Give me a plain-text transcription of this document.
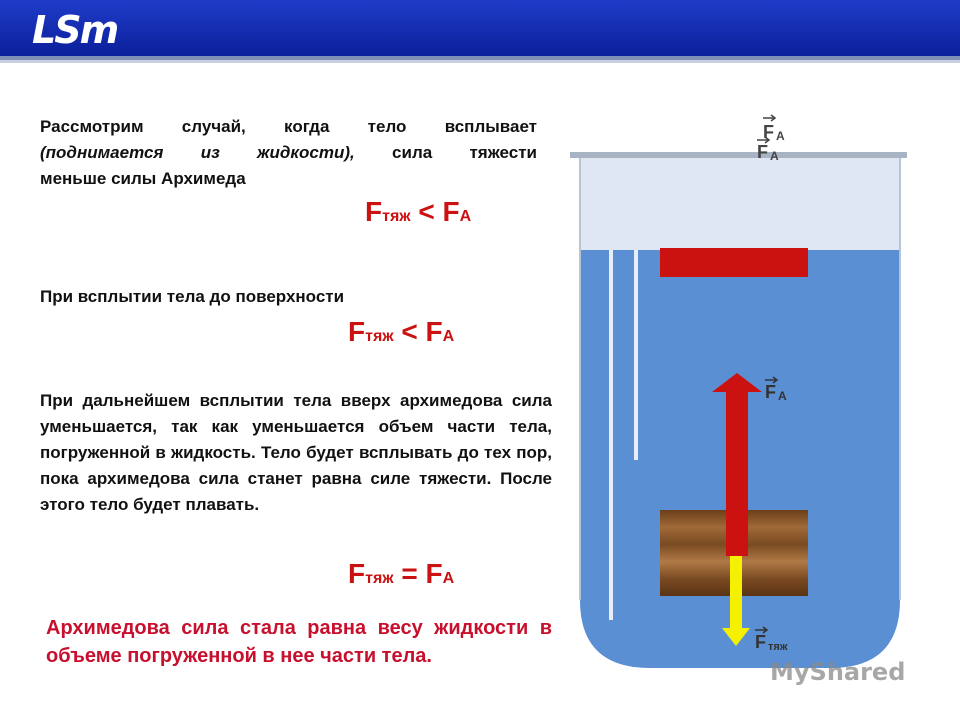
LSm
Рассмотрим случай, когда тело всплывает
(поднимается из жидкости), сила тяжести
меньше силы Архимеда
Fтяж < FA
При всплытии тела до поверхности
Fтяж < FA
При дальнейшем всплытии тела вверх архимедова сила уменьшается, так как уменьшается объем части тела, погруженной в жидкость. Тело будет всплывать до тех пор, пока архимедова сила станет равна силе тяжести. После этого тело будет плавать.
Fтяж = FA
Архимедова сила стала равна весу жидкости в объеме погруженной в нее части тела.
F A
F A
F A
F тяж
MyShared
